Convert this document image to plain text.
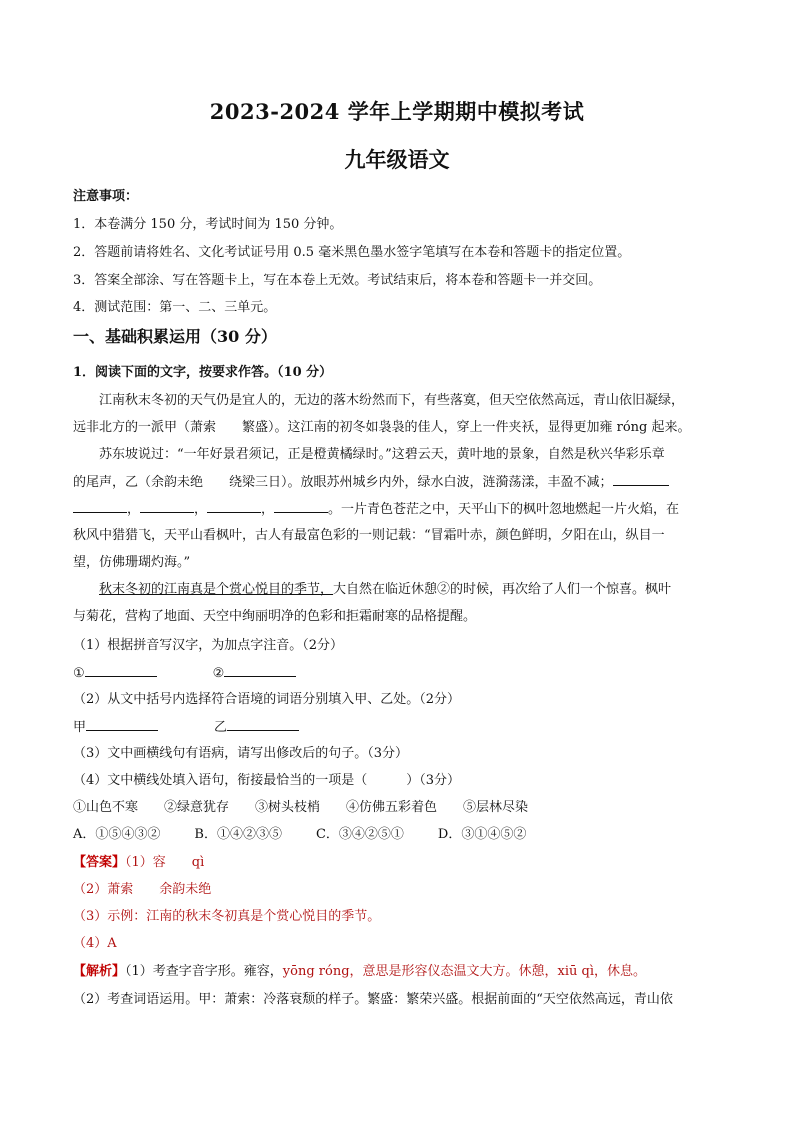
2023-2024 学年上学期期中模拟考试
九年级语文
注意事项：
1．本卷满分 150 分，考试时间为 150 分钟。
2．答题前请将姓名、文化考试证号用 0.5 毫米黑色墨水签字笔填写在本卷和答题卡的指定位置。
3．答案全部涂、写在答题卡上，写在本卷上无效。考试结束后，将本卷和答题卡一并交回。
4．测试范围：第一、二、三单元。
一、基础积累运用（30 分）
1．阅读下面的文字，按要求作答。（10 分）
江南秋末冬初的天气仍是宜人的，无边的落木纷然而下，有些落寞，但天空依然高远，青山依旧凝绿，
远非北方的一派甲（萧索　　繁盛）。这江南的初冬如袅袅的佳人，穿上一件夹袄，显得更加雍 róng 起来。
苏东坡说过：“一年好景君须记，正是橙黄橘绿时。”这碧云天，黄叶地的景象，自然是秋兴华彩乐章
的尾声，乙（余韵未绝　　绕梁三日）。放眼苏州城乡内外，绿水白波，涟漪荡漾，丰盈不减；
，	，	，	。一片青色苍茫之中，天平山下的枫叶忽地燃起一片火焰，在
秋风中猎猎飞，天平山看枫叶，古人有最富色彩的一则记载：“冒霜叶赤，颜色鲜明，夕阳在山，纵目一
望，仿佛珊瑚灼海。”
秋末冬初的江南真是个赏心悦目的季节，大自然在临近休憩②的时候，再次给了人们一个惊喜。枫叶
与菊花，营构了地面、天空中绚丽明净的色彩和拒霜耐寒的品格提醒。
（1）根据拼音写汉字，为加点字注音。（2分）
①	②
（2）从文中括号内选择符合语境的词语分别填入甲、乙处。（2分）
甲	乙
（3）文中画横线句有语病，请写出修改后的句子。（3分）
（4）文中横线处填入语句，衔接最恰当的一项是（　　　）（3分）
①山色不寒　　②绿意犹存　　③树头枝梢　　④仿佛五彩着色　　⑤层林尽染
A．①⑤④③②	B．①④②③⑤	C．③④②⑤①	D．③①④⑤②
【答案】（1）容　　qì
（2）萧索　　余韵未绝
（3）示例：江南的秋末冬初真是个赏心悦目的季节。
（4）A
【解析】（1）考查字音字形。雍容，yōng róng，意思是形容仪态温文大方。休憩，xiū qì，休息。
（2）考查词语运用。甲：萧索：冷落衰颓的样子。繁盛：繁荣兴盛。根据前面的“天空依然高远，青山依
